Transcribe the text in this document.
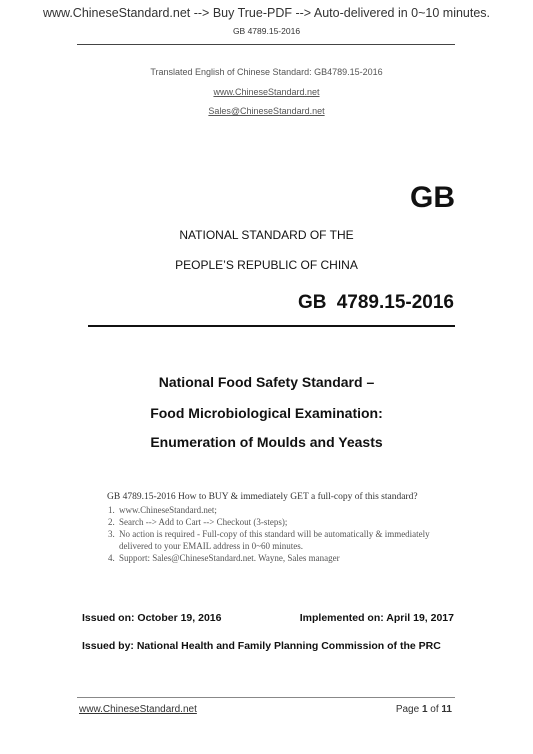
www.ChineseStandard.net --> Buy True-PDF --> Auto-delivered in 0~10 minutes.
GB 4789.15-2016
Translated English of Chinese Standard: GB4789.15-2016
www.ChineseStandard.net
Sales@ChineseStandard.net
GB
NATIONAL STANDARD OF THE
PEOPLE’S REPUBLIC OF CHINA
GB 4789.15-2016
National Food Safety Standard –
Food Microbiological Examination:
Enumeration of Moulds and Yeasts
GB 4789.15-2016 How to BUY & immediately GET a full-copy of this standard?
1. www.ChineseStandard.net;
2. Search --> Add to Cart --> Checkout (3-steps);
3. No action is required - Full-copy of this standard will be automatically & immediately delivered to your EMAIL address in 0~60 minutes.
4. Support: Sales@ChineseStandard.net. Wayne, Sales manager
Issued on: October 19, 2016	Implemented on: April 19, 2017
Issued by: National Health and Family Planning Commission of the PRC
www.ChineseStandard.net	Page 1 of 11
